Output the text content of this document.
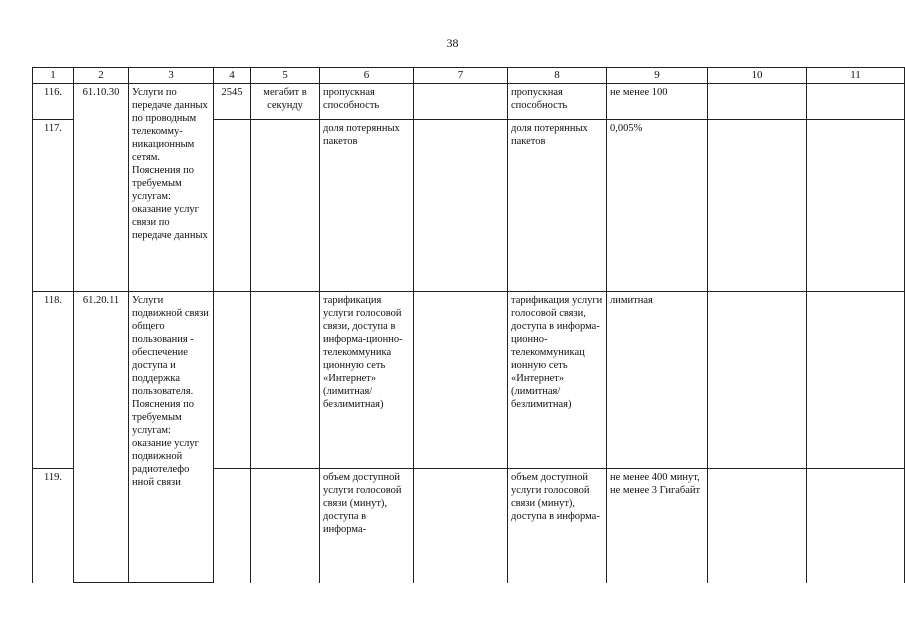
38
1	2	3	4	5	6	7	8	9	10	11
116.	61.10.30	Услуги по передаче данных по проводным телекомму-никационным сетям. Пояснения по требуемым услугам: оказание услуг связи по передаче данных	2545	мегабит в секунду	пропускная способность		пропускная способность	не менее 100		
117.					доля потерянных пакетов		доля потерянных пакетов	0,005%		
118.	61.20.11	Услуги подвижной связи общего пользования - обеспечение доступа и поддержка пользователя. Пояснения по требуемым услугам: оказание услуг подвижной радиотелефо нной связи			тарификация услуги голосовой связи, доступа в информа-ционно-телекоммуника ционную сеть «Интернет» (лимитная/ безлимитная)		тарификация услуги голосовой связи, доступа в информа-ционно-телекоммуникац ионную сеть «Интернет» (лимитная/ безлимитная)	лимитная		
119.					объем доступной услуги голосовой связи (минут), доступа в информа-		объем доступной услуги голосовой связи (минут), доступа в информа-	не менее 400 минут, не менее 3 Гигабайт		
